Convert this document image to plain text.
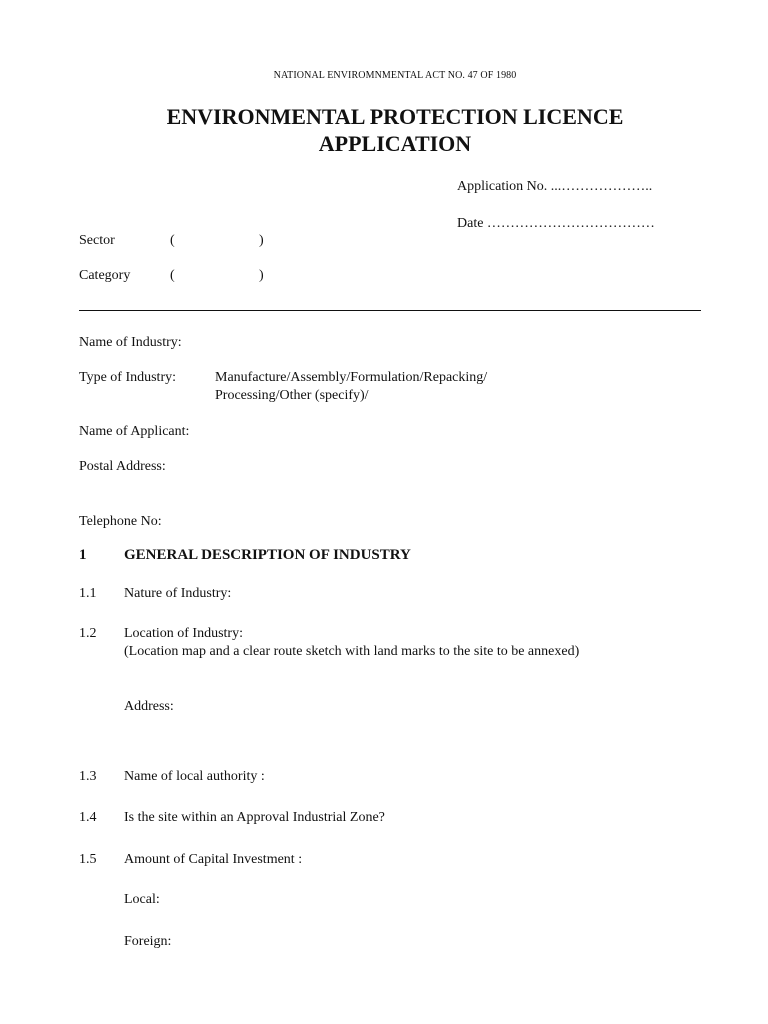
NATIONAL ENVIROMNMENTAL ACT NO. 47 OF 1980
ENVIRONMENTAL PROTECTION LICENCE
APPLICATION
Application No. ...………………..
Date ………………………………
Sector	(	)
Category	(	)
Name of Industry:
Type of Industry:	Manufacture/Assembly/Formulation/Repacking/
Processing/Other (specify)/
Name of Applicant:
Postal Address:
Telephone No:
1	GENERAL DESCRIPTION OF INDUSTRY
1.1 Nature of Industry:
1.2 Location of Industry:
(Location map and a clear route sketch with land marks to the site to be annexed)
Address:
1.3 Name of local authority :
1.4 Is the site within an Approval Industrial Zone?
1.5 Amount of Capital Investment :
Local:
Foreign:
